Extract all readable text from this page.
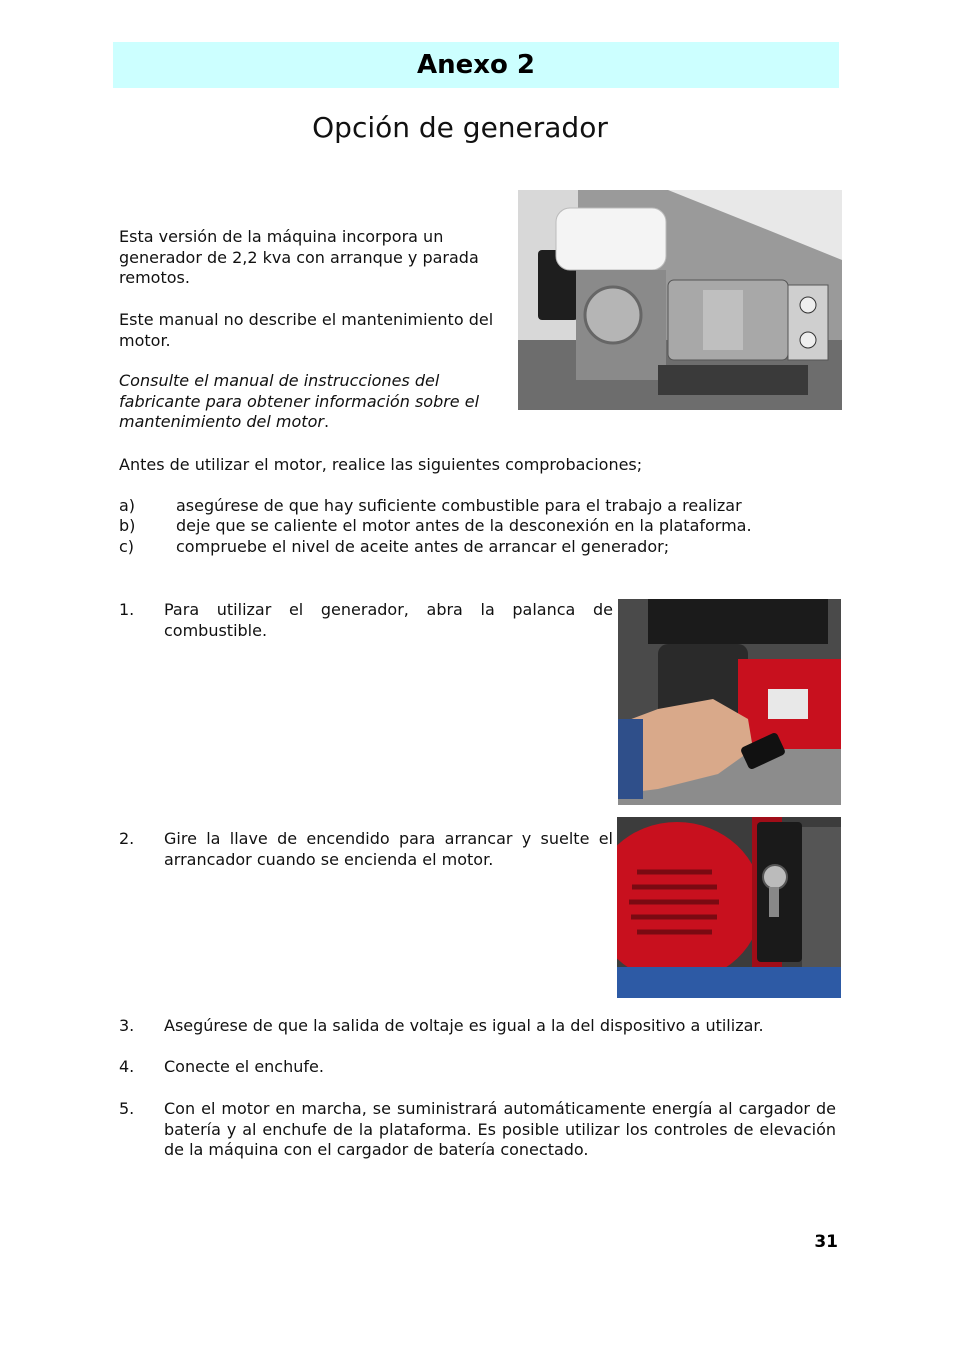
Anexo 2
Opción de generador
Esta versión de la máquina incorpora un generador de 2,2 kva con arranque y parada remotos.
Este manual no describe el mantenimiento del motor.
Consulte el manual de instrucciones del fabricante para obtener información sobre el mantenimiento del motor.
Antes de utilizar el motor, realice las siguientes comprobaciones;
a)	asegúrese de que hay suficiente combustible para el trabajo a realizar
b)	deje que se caliente el motor antes de la desconexión en la plataforma.
c)	compruebe el nivel de aceite antes de arrancar el generador;
1. Para utilizar el generador, abra la palanca de combustible.
2. Gire la llave de encendido para arrancar y suelte el arrancador cuando se encienda el motor.
3. Asegúrese de que la salida de voltaje es igual a la del dispositivo a utilizar.
4. Conecte el enchufe.
5. Con el motor en marcha, se suministrará automáticamente energía al cargador de batería y al enchufe de la plataforma. Es posible utilizar los controles de elevación de la máquina con el cargador de batería conectado.
31
